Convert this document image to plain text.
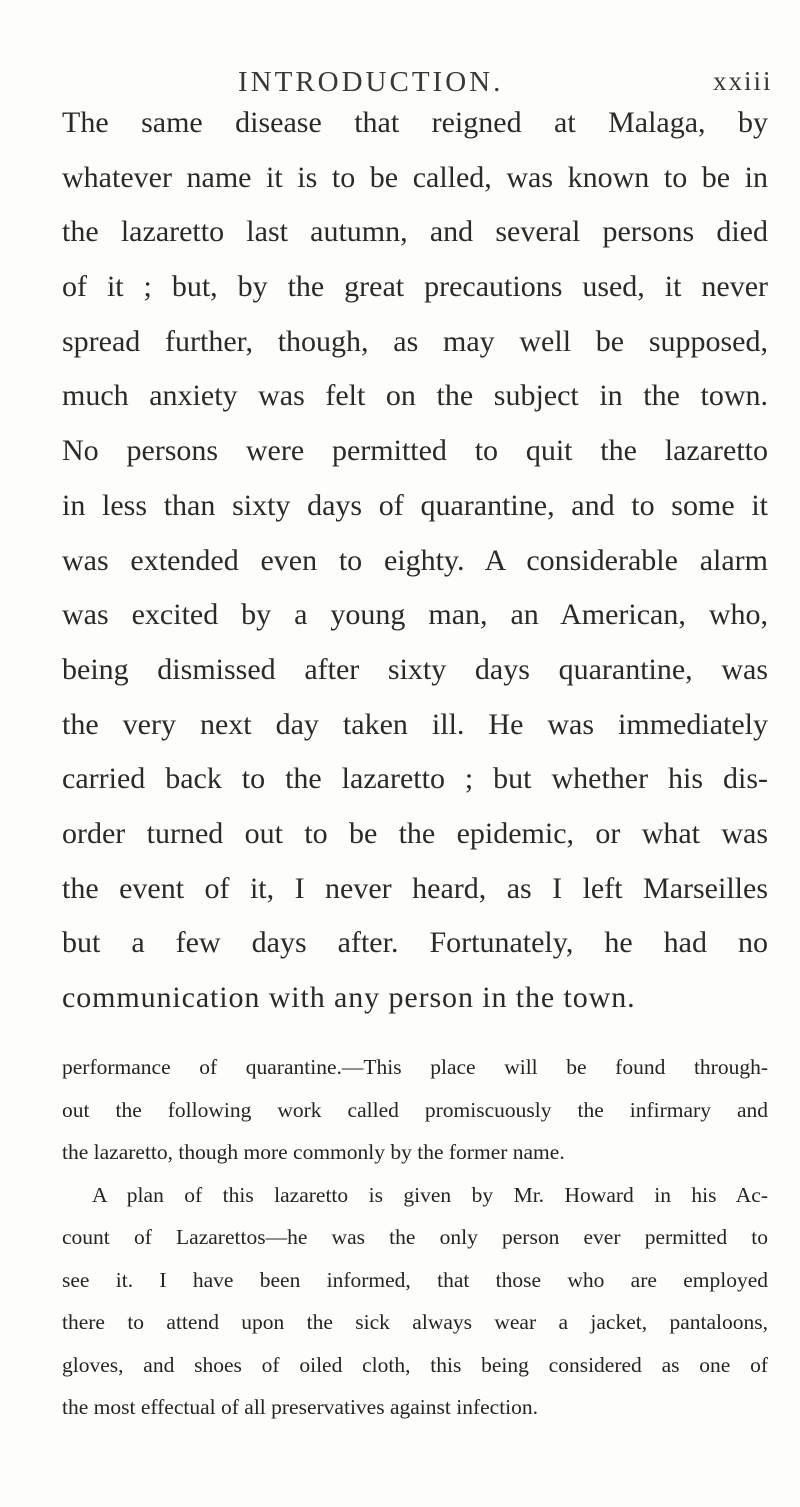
INTRODUCTION.	xxiii
The same disease that reigned at Malaga, by
whatever name it is to be called, was known to be in
the lazaretto last autumn, and several persons died
of it ; but, by the great precautions used, it never
spread further, though, as may well be supposed,
much anxiety was felt on the subject in the town.
No persons were permitted to quit the lazaretto
in less than sixty days of quarantine, and to some it
was extended even to eighty. A considerable alarm
was excited by a young man, an American, who,
being dismissed after sixty days quarantine, was
the very next day taken ill. He was immediately
carried back to the lazaretto ; but whether his dis-
order turned out to be the epidemic, or what was
the event of it, I never heard, as I left Marseilles
but a few days after. Fortunately, he had no
communication with any person in the town.
performance of quarantine.—This place will be found through-
out the following work called promiscuously the infirmary and
the lazaretto, though more commonly by the former name.
A plan of this lazaretto is given by Mr. Howard in his Ac-
count of Lazarettos—he was the only person ever permitted to
see it. I have been informed, that those who are employed
there to attend upon the sick always wear a jacket, pantaloons,
gloves, and shoes of oiled cloth, this being considered as one of
the most effectual of all preservatives against infection.
